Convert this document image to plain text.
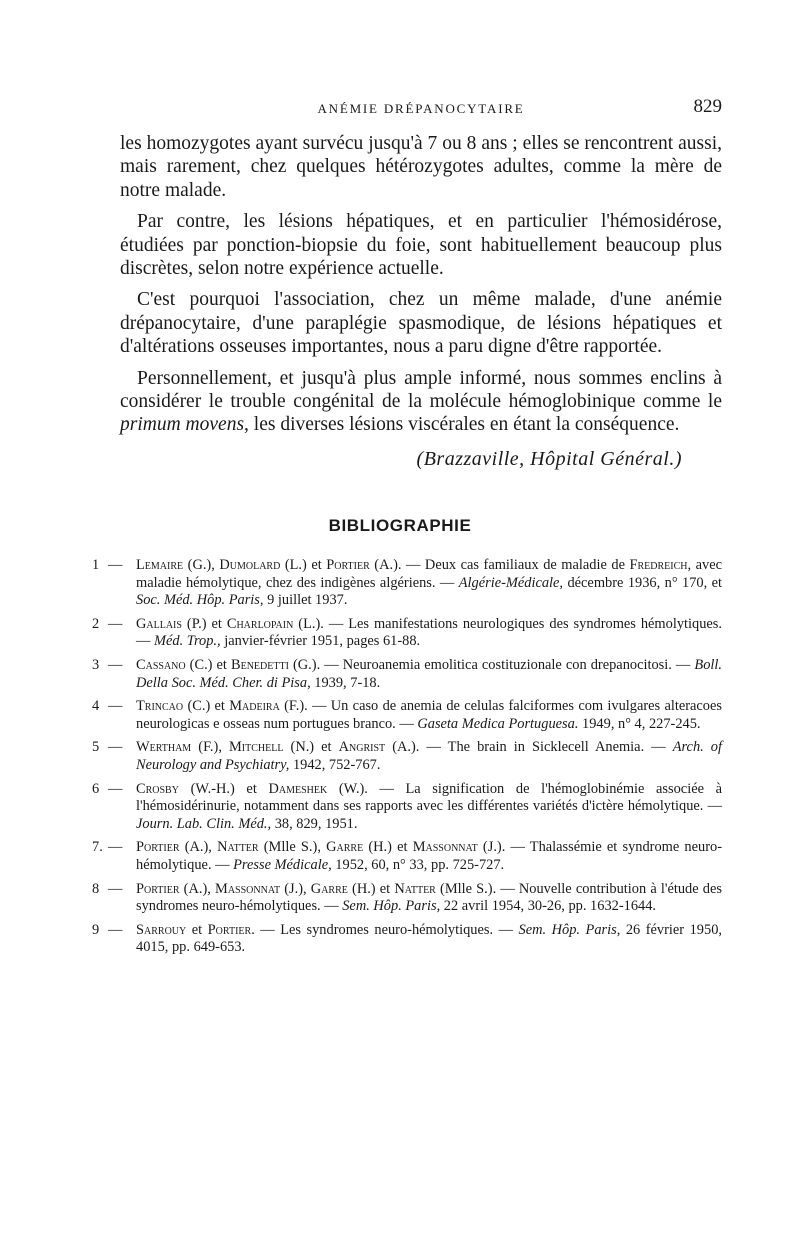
ANÉMIE DRÉPANOCYTAIRE	829

les homozygotes ayant survécu jusqu'à 7 ou 8 ans ; elles se rencontrent aussi, mais rarement, chez quelques hétérozygotes adultes, comme la mère de notre malade.

Par contre, les lésions hépatiques, et en particulier l'hémosidérose, étudiées par ponction-biopsie du foie, sont habituellement beaucoup plus discrètes, selon notre expérience actuelle.

C'est pourquoi l'association, chez un même malade, d'une anémie drépanocytaire, d'une paraplégie spasmodique, de lésions hépatiques et d'altérations osseuses importantes, nous a paru digne d'être rapportée.

Personnellement, et jusqu'à plus ample informé, nous sommes enclins à considérer le trouble congénital de la molécule hémoglobinique comme le primum movens, les diverses lésions viscérales en étant la conséquence.

(Brazzaville, Hôpital Général.)
BIBLIOGRAPHIE
1 — Lemaire (G.), Dumolard (L.) et Portier (A.). — Deux cas familiaux de maladie de Fredreich, avec maladie hémolytique, chez des indigènes algériens. — Algérie-Médicale, décembre 1936, n° 170, et Soc. Méd. Hôp. Paris, 9 juillet 1937.
2 — Gallais (P.) et Charlopain (L.). — Les manifestations neurologiques des syndromes hémolytiques. — Méd. Trop., janvier-février 1951, pages 61-88.
3 — Cassano (C.) et Benedetti (G.). — Neuroanemia emolitica costituzionale con drepanocitosi. — Boll. Della Soc. Méd. Cher. di Pisa, 1939, 7-18.
4 — Trincao (C.) et Madeira (F.). — Un caso de anemia de celulas falciformes com ivulgares alteracoes neurologicas e osseas num portugues branco. — Gaseta Medica Portuguesa. 1949, n° 4, 227-245.
5 — Wertham (F.), Mitchell (N.) et Angrist (A.). — The brain in Sicklecell Anemia. — Arch. of Neurology and Psychiatry, 1942, 752-767.
6 — Crosby (W.-H.) et Dameshek (W.). — La signification de l'hémoglobinémie associée à l'hémosidérinurie, notamment dans ses rapports avec les différentes variétés d'ictère hémolytique. — Journ. Lab. Clin. Méd., 38, 829, 1951.
7. — Portier (A.), Natter (Mlle S.), Garre (H.) et Massonnat (J.). — Thalassémie et syndrome neuro-hémolytique. — Presse Médicale, 1952, 60, n° 33, pp. 725-727.
8 — Portier (A.), Massonnat (J.), Garre (H.) et Natter (Mlle S.). — Nouvelle contribution à l'étude des syndromes neuro-hémolytiques. — Sem. Hôp. Paris, 22 avril 1954, 30-26, pp. 1632-1644.
9 — Sarrouy et Portier. — Les syndromes neuro-hémolytiques. — Sem. Hôp. Paris, 26 février 1950, 4015, pp. 649-653.
